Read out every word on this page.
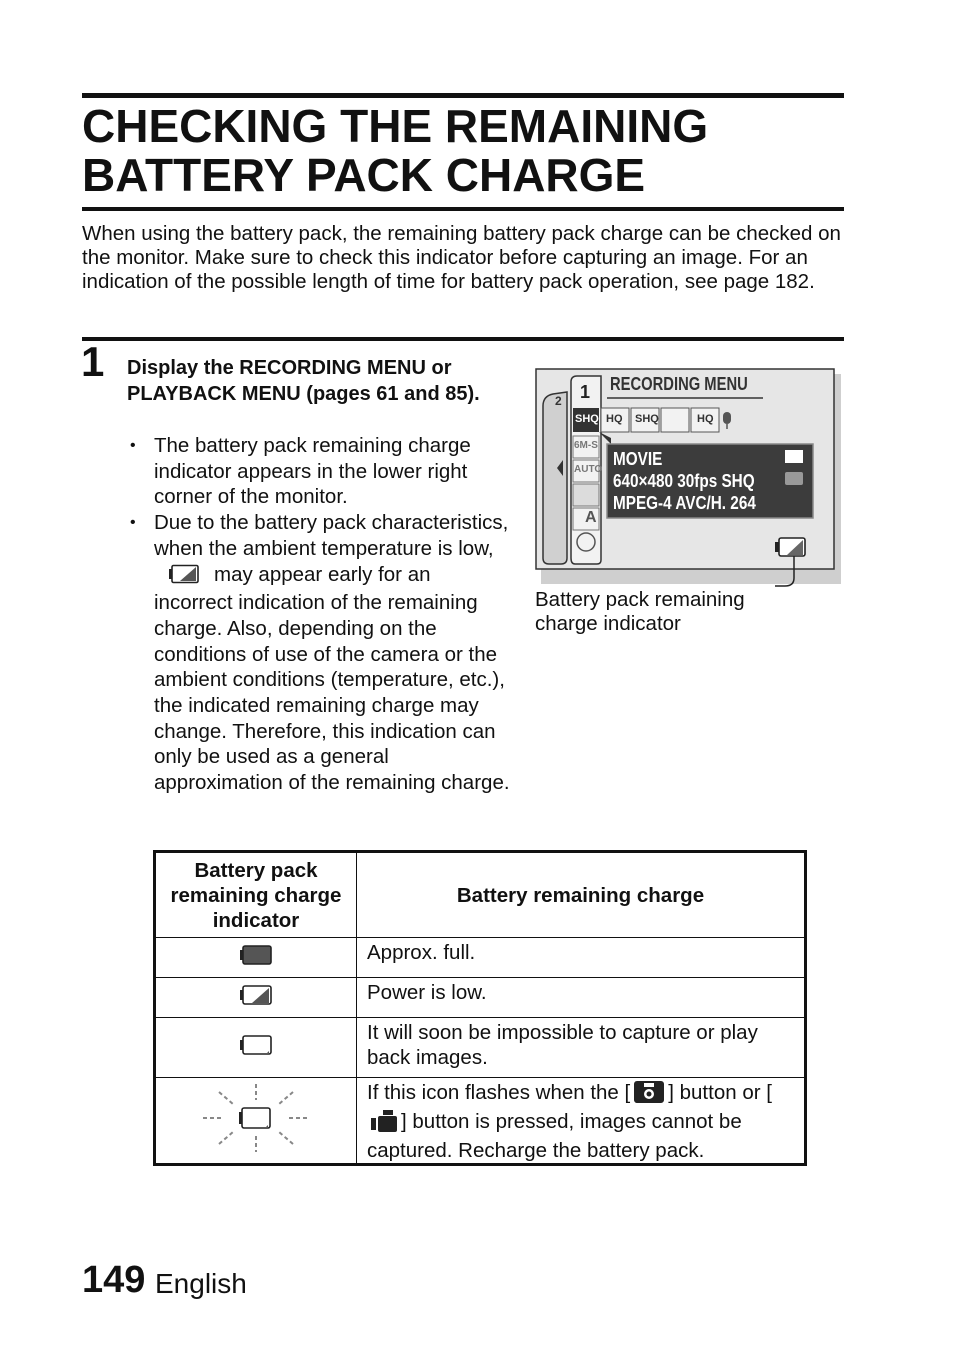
CHECKING THE REMAINING
BATTERY PACK CHARGE

When using the battery pack, the remaining battery pack charge can be checked on the monitor. Make sure to check this indicator before capturing an image. For an indication of the possible length of time for battery pack operation, see page 182.

1 Display the RECORDING MENU or PLAYBACK MENU (pages 61 and 85).

• The battery pack remaining charge indicator appears in the lower right corner of the monitor.
• Due to the battery pack characteristics, when the ambient temperature is low,may appear early for an incorrect indication of the remaining charge. Also, depending on the conditions of use of the camera or the ambient conditions (temperature, etc.), the indicated remaining charge may change. Therefore, this indication can only be used as a general approximation of the remaining charge.
RECORDING MENU
1
2
SHQ HQ SHQ	HQ
6M-S
AUTO
A
MOVIE
640×480 30fps SHQ
MPEG-4 AVC/H. 264

Battery pack remaining charge indicator

Battery pack remaining charge indicator	Battery remaining charge
	Approx. full.
	Power is low.
	It will soon be impossible to capture or play back images.
	If this icon flashes when the [ ] button or [] button is pressed, images cannot be captured. Recharge the battery pack.
149 English
